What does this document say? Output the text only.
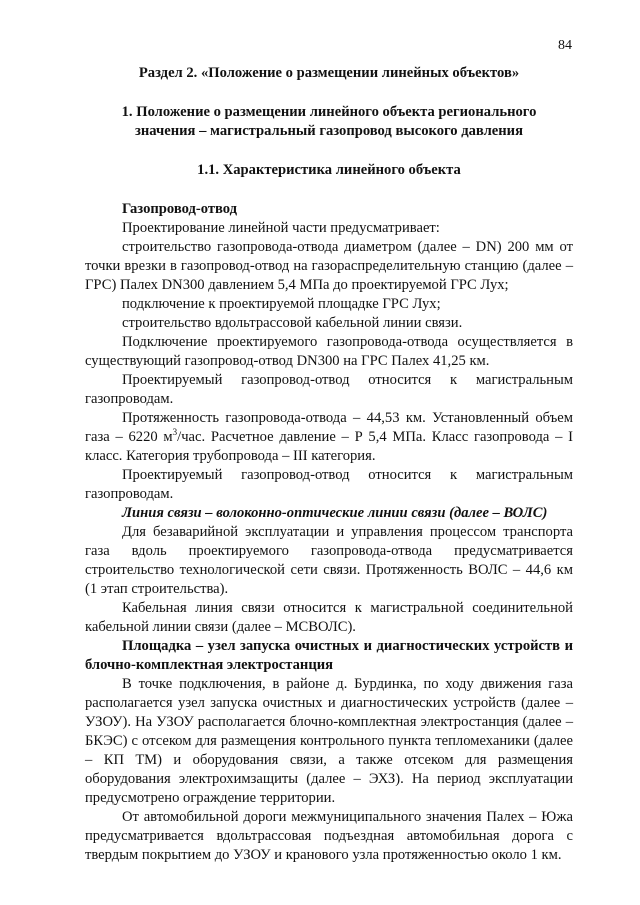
84
Раздел 2. «Положение о размещении линейных объектов»
1. Положение о размещении линейного объекта регионального значения – магистральный газопровод высокого давления
1.1. Характеристика линейного объекта
Газопровод-отвод

Проектирование линейной части предусматривает:

строительство газопровода-отвода диаметром (далее – DN) 200 мм от точки врезки в газопровод-отвод на газораспределительную станцию (далее – ГРС) Палех DN300 давлением 5,4 МПа до проектируемой ГРС Лух;

подключение к проектируемой площадке ГРС Лух;

строительство вдольтрассовой кабельной линии связи.

Подключение проектируемого газопровода-отвода осуществляется в существующий газопровод-отвод DN300 на ГРС Палех 41,25 км.

Проектируемый газопровод-отвод относится к магистральным газопроводам.

Протяженность газопровода-отвода – 44,53 км. Установленный объем газа – 6220 $м^3$/час. Расчетное давление – Р 5,4 МПа. Класс газопровода – I класс. Категория трубопровода – III категория.

Проектируемый газопровод-отвод относится к магистральным газопроводам.

Линия связи – волоконно-оптические линии связи (далее – ВОЛС)

Для безаварийной эксплуатации и управления процессом транспорта газа вдоль проектируемого газопровода-отвода предусматривается строительство технологической сети связи. Протяженность ВОЛС – 44,6 км (1 этап строительства).

Кабельная линия связи относится к магистральной соединительной кабельной линии связи (далее – МСВОЛС).

Площадка – узел запуска очистных и диагностических устройств и блочно-комплектная электростанция

В точке подключения, в районе д. Бурдинка, по ходу движения газа располагается узел запуска очистных и диагностических устройств (далее – УЗОУ). На УЗОУ располагается блочно-комплектная электростанция (далее – БКЭС) с отсеком для размещения контрольного пункта тепломеханики (далее – КП ТМ) и оборудования связи, а также отсеком для размещения оборудования электрохимзащиты (далее – ЭХЗ). На период эксплуатации предусмотрено ограждение территории.

От автомобильной дороги межмуниципального значения Палех – Южа предусматривается вдольтрассовая подъездная автомобильная дорога с твердым покрытием до УЗОУ и кранового узла протяженностью около 1 км.
